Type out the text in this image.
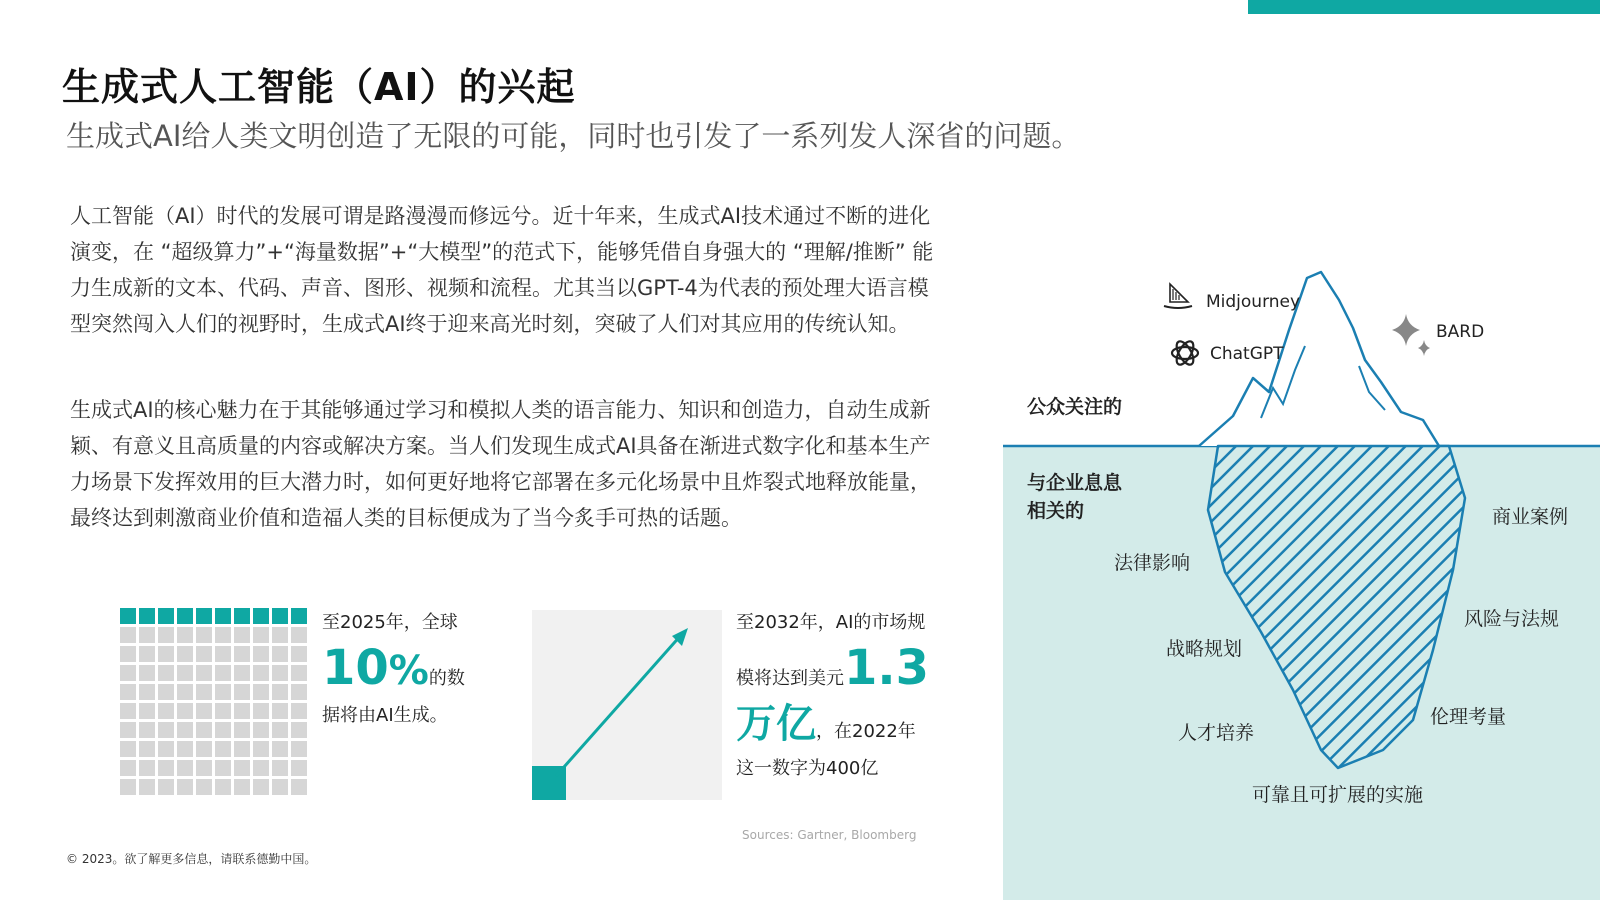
生成式人工智能（AI）的兴起
生成式AI给人类文明创造了无限的可能，同时也引发了一系列发人深省的问题。

人工智能（AI）时代的发展可谓是路漫漫而修远兮。近十年来，生成式AI技术通过不断的进化演变，在 “超级算力”+“海量数据”+“大模型”的范式下，能够凭借自身强大的 “理解/推断” 能力生成新的文本、代码、声音、图形、视频和流程。尤其当以GPT-4为代表的预处理大语言模型突然闯入人们的视野时，生成式AI终于迎来高光时刻，突破了人们对其应用的传统认知。

生成式AI的核心魅力在于其能够通过学习和模拟人类的语言能力、知识和创造力，自动生成新颖、有意义且高质量的内容或解决方案。当人们发现生成式AI具备在渐进式数字化和基本生产力场景下发挥效用的巨大潜力时，如何更好地将它部署在多元化场景中且炸裂式地释放能量，最终达到刺激商业价值和造福人类的目标便成为了当今炙手可热的话题。

至2025年，全球
10%的数
据将由AI生成。
至2032年，AI的市场规
模将达到美元1.3
万亿，在2022年
这一数字为400亿
Sources: Gartner, Bloomberg
© 2023。欲了解更多信息，请联系德勤中国。
Midjourney
ChatGPT
BARD
公众关注的
与企业息息
相关的
法律影响
商业案例
风险与法规
战略规划
伦理考量
人才培养
可靠且可扩展的实施
